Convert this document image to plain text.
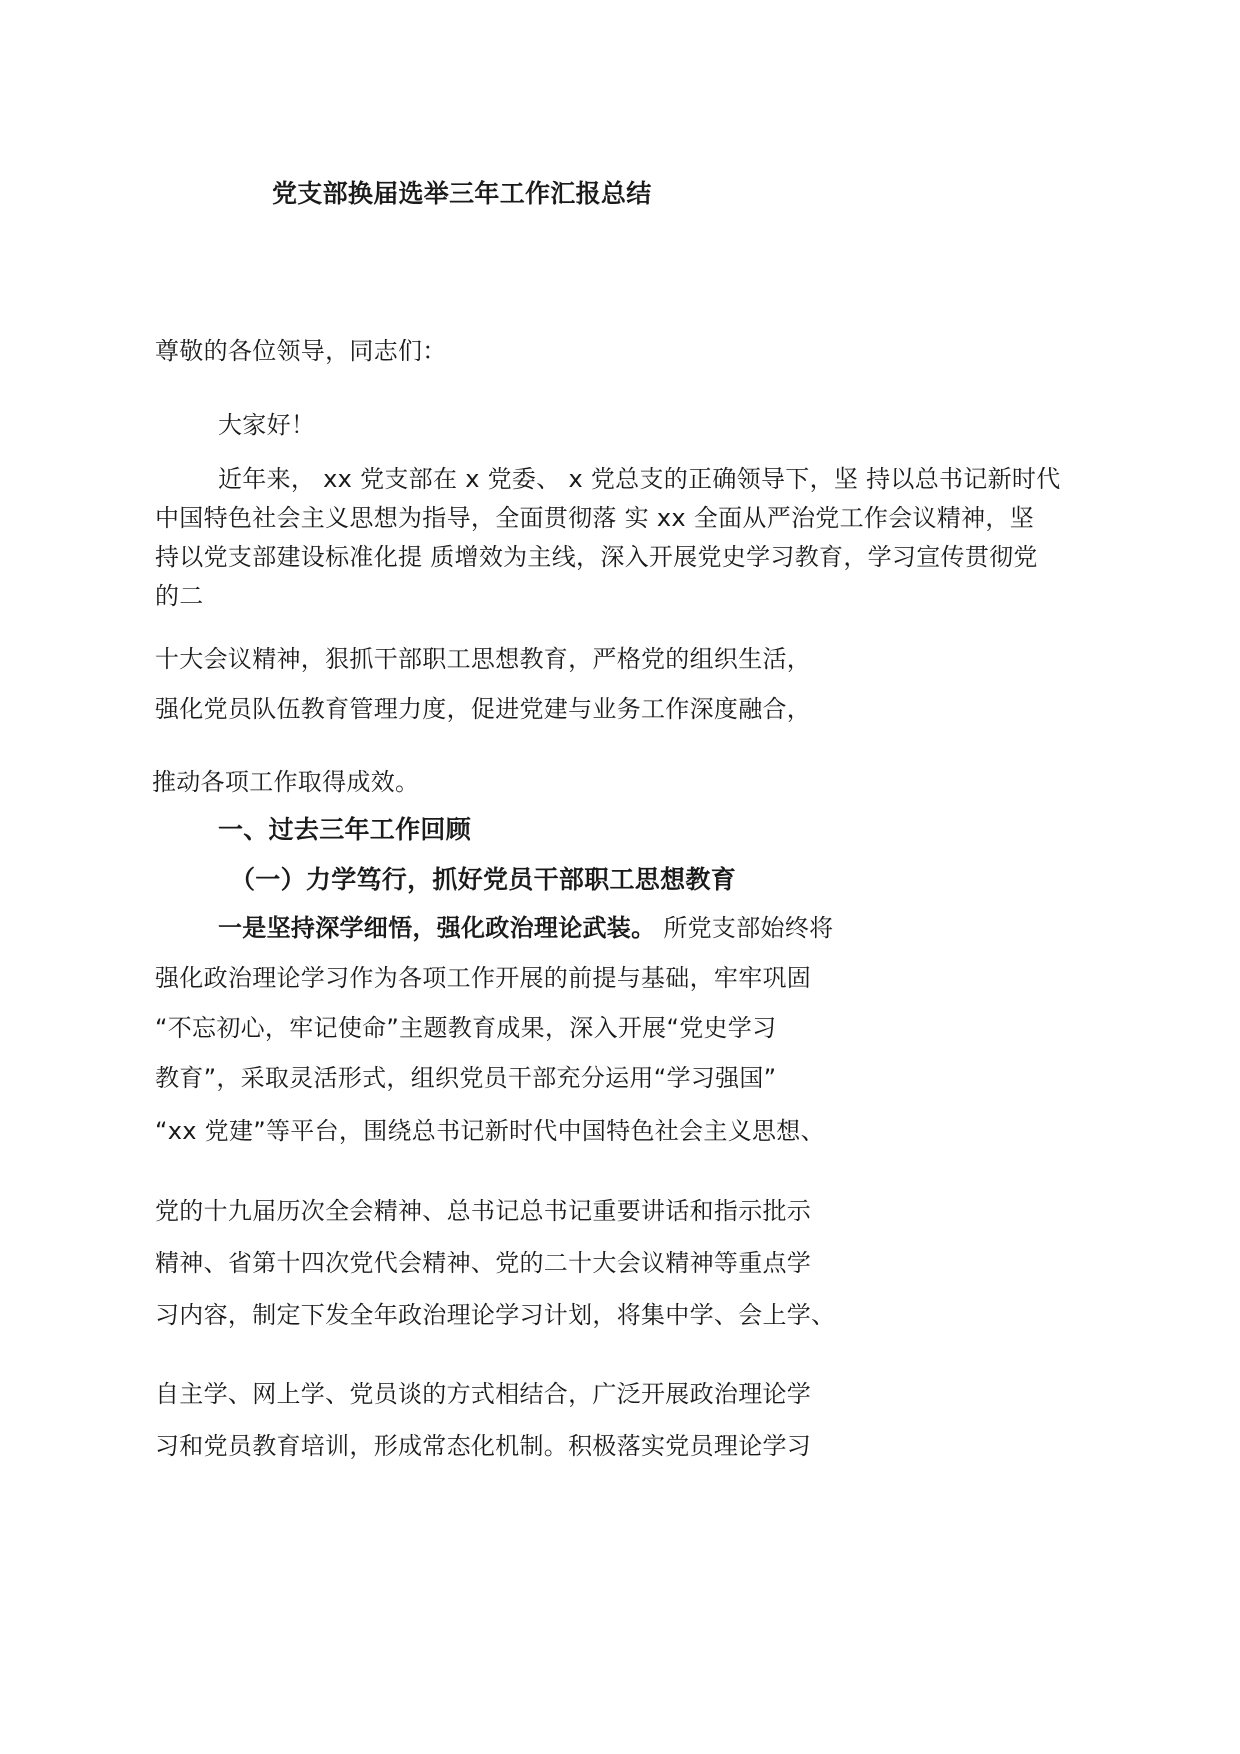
党支部换届选举三年工作汇报总结
尊敬的各位领导，同志们：
大家好！
近年来， xx 党支部在 x 党委、 x 党总支的正确领导下，坚 持以总书记新时代
中国特色社会主义思想为指导，全面贯彻落 实 xx 全面从严治党工作会议精神，坚
持以党支部建设标准化提 质增效为主线，深入开展党史学习教育，学习宣传贯彻党
的二
十大会议精神，狠抓干部职工思想教育，严格党的组织生活，
强化党员队伍教育管理力度，促进党建与业务工作深度融合，
推动各项工作取得成效。
一、过去三年工作回顾
（一）力学笃行，抓好党员干部职工思想教育
一是坚持深学细悟，强化政治理论武装。 所党支部始终将
强化政治理论学习作为各项工作开展的前提与基础，牢牢巩固
“不忘初心，牢记使命”主题教育成果，深入开展“党史学习
教育”，采取灵活形式，组织党员干部充分运用“学习强国”
“xx 党建”等平台，围绕总书记新时代中国特色社会主义思想、
党的十九届历次全会精神、总书记总书记重要讲话和指示批示
精神、省第十四次党代会精神、党的二十大会议精神等重点学
习内容，制定下发全年政治理论学习计划，将集中学、会上学、
自主学、网上学、党员谈的方式相结合，广泛开展政治理论学
习和党员教育培训，形成常态化机制。积极落实党员理论学习
